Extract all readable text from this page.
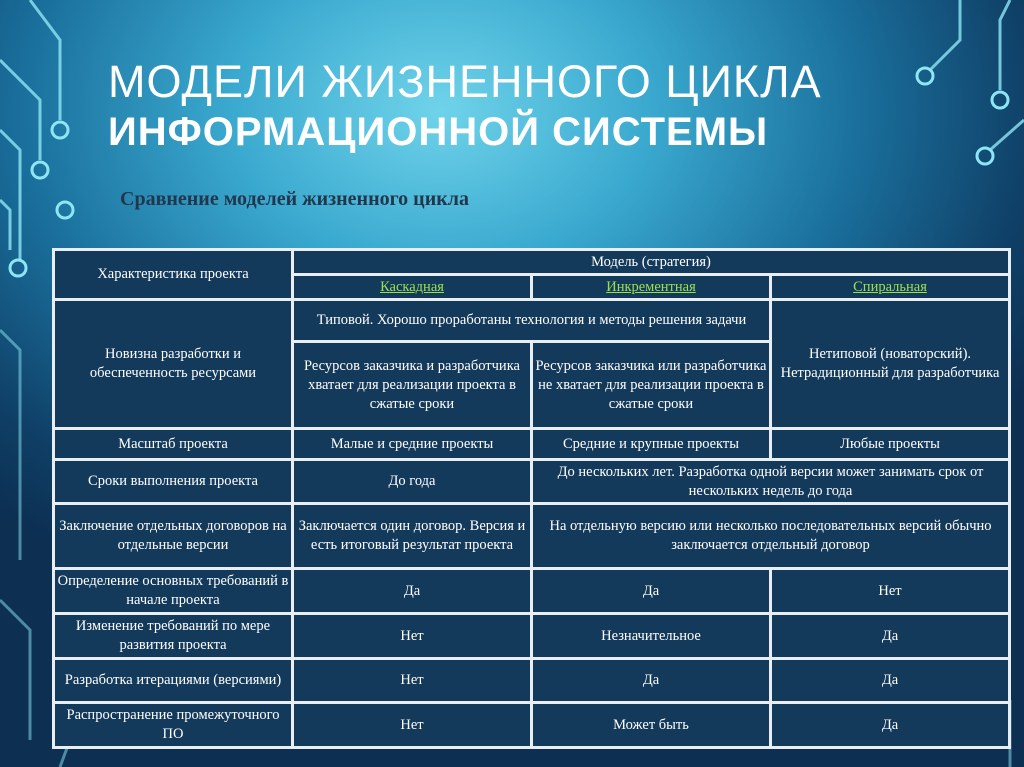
МОДЕЛИ ЖИЗНЕННОГО ЦИКЛА
ИНФОРМАЦИОННОЙ СИСТЕМЫ
Сравнение моделей жизненного цикла
Характеристика проекта	Модель (стратегия)		
	Каскадная	Инкрементная	Спиральная
Новизна разработки и обеспеченность ресурсами	Типовой. Хорошо проработаны технология и методы решения задачи		Нетиповой (новаторский). Нетрадиционный для разработчика
	Ресурсов заказчика и разработчика хватает для реализации проекта в сжатые сроки	Ресурсов заказчика или разработчика не хватает для реализации проекта в сжатые сроки	
Масштаб проекта	Малые и средние проекты	Средние и крупные проекты	Любые проекты
Сроки выполнения проекта	До года	До нескольких лет. Разработка одной версии может занимать срок от нескольких недель до года	
Заключение отдельных договоров на отдельные версии	Заключается один договор. Версия и есть итоговый результат проекта	На отдельную версию или несколько последовательных версий обычно заключается отдельный договор	
Определение основных требований в начале проекта	Да	Да	Нет
Изменение требований по мере развития проекта	Нет	Незначительное	Да
Разработка итерациями (версиями)	Нет	Да	Да
Распространение промежуточного ПО	Нет	Может быть	Да
